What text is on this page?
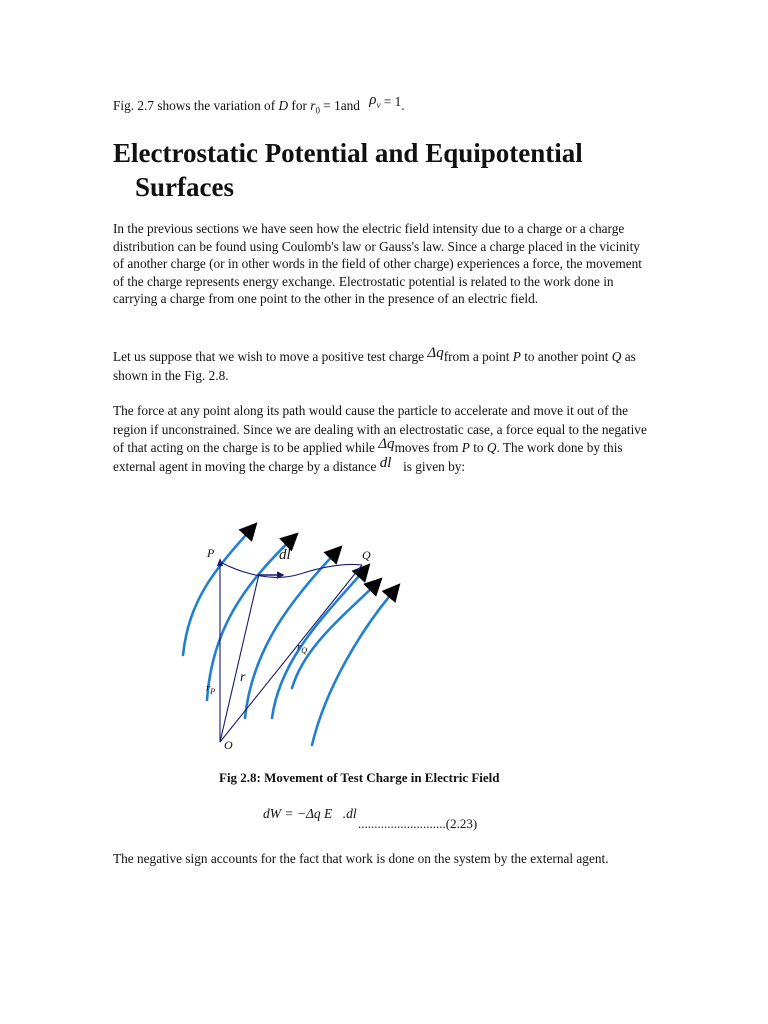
Fig. 2.7 shows the variation of D for $r_0 = 1and$ $\rho_v = 1$.
Electrostatic Potential and Equipotential
Surfaces
In the previous sections we have seen how the electric field intensity due to a charge or a charge distribution can be found using Coulomb's law or Gauss's law. Since a charge placed in the vicinity of another charge (or in other words in the field of other charge) experiences a force, the movement of the charge represents energy exchange. Electrostatic potential is related to the work done in carrying a charge from one point to the other in the presence of an electric field.
Let us suppose that we wish to move a positive test charge Δqfrom a point P to another point Q as shown in the Fig. 2.8.
The force at any point along its path would cause the particle to accelerate and move it out of the region if unconstrained. Since we are dealing with an electrostatic case, a force equal to the negative of that acting on the charge is to be applied while Δqmoves from P to Q. The work done by this external agent in moving the charge by a distance dl⃗is given by:
P	Q
O
dl⃗
r⃗
$r_P$
$r_Q$
Fig 2.8: Movement of Test Charge in Electric Field
dW = −Δq E⃗.dl⃗
...........................(2.23)
The negative sign accounts for the fact that work is done on the system by the external agent.
